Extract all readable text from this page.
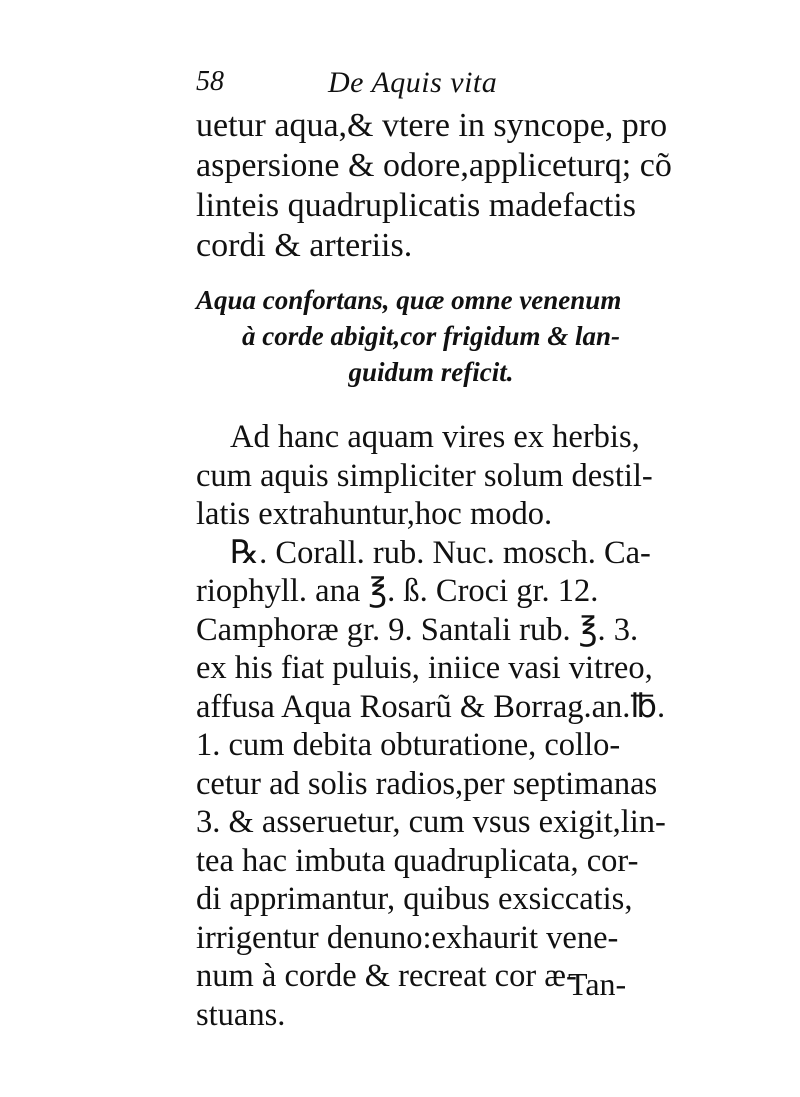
58	De Aquis vita
uetur aqua,& vtere in syncope, pro
aspersione & odore,appliceturq; cõ
linteis quadruplicatis madefactis
cordi & arteriis.
Aqua confortans, quæ omne venenum
à corde abigit,cor frigidum & lan-
guidum reficit.
Ad hanc aquam vires ex herbis,
cum aquis simpliciter solum destil-
latis extrahuntur,hoc modo.
℞. Corall. rub. Nuc. mosch. Ca-
riophyll. ana ℥. ß. Croci gr. 12.
Camphoræ gr. 9. Santali rub. ℥. 3.
ex his fiat puluis, iniice vasi vitreo,
affusa Aqua Rosarũ & Borrag.an.℔.
1. cum debita obturatione, collo-
cetur ad solis radios,per septimanas
3. & asseruetur, cum vsus exigit,lin-
tea hac imbuta quadruplicata, cor-
di apprimantur, quibus exsiccatis,
irrigentur denuno:exhaurit vene-
num à corde & recreat cor æ-
stuans.
Tan-
